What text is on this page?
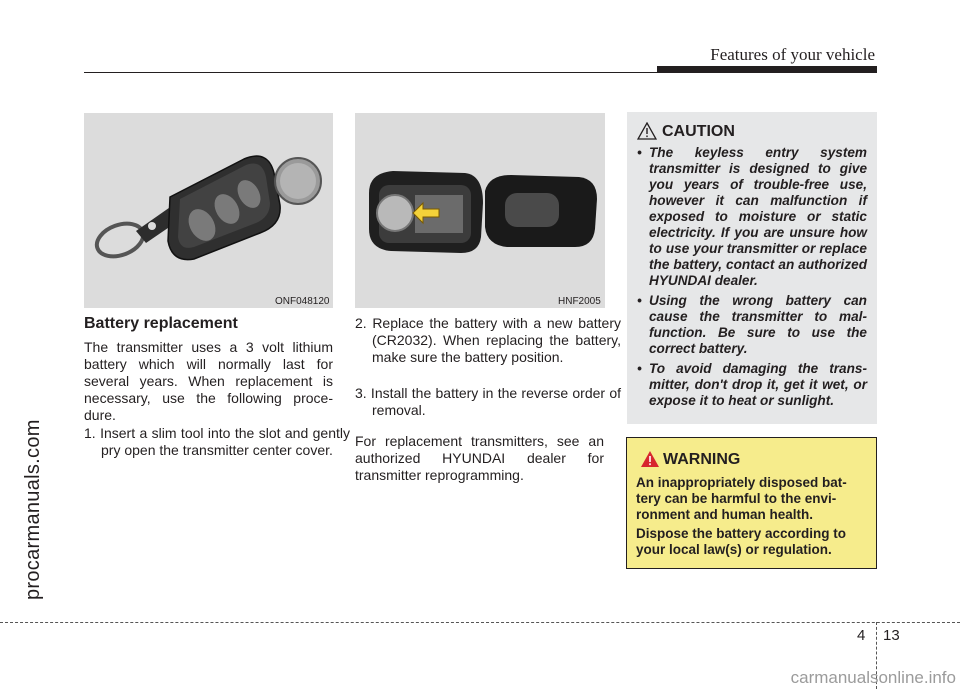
Features of your vehicle
procarmanuals.com
ONF048120	HNF2005
Battery replacement
The transmitter uses a 3 volt lithium battery which will normally last for several years. When replacement is necessary, use the following proce-dure.
1. Insert a slim tool into the slot and gently pry open the transmitter center cover.
2. Replace the battery with a new battery (CR2032). When replacing the battery, make sure the battery position.
3. Install the battery in the reverse order of removal.
For replacement transmitters, see an authorized HYUNDAI dealer for transmitter reprogramming.
CAUTION
• The keyless entry system transmitter is designed to give you years of trouble-free use, however it can malfunction if exposed to moisture or static electricity. If you are unsure how to use your transmitter or replace the battery, contact an authorized HYUNDAI dealer.
• Using the wrong battery can cause the transmitter to mal-function. Be sure to use the correct battery.
• To avoid damaging the trans-mitter, don't drop it, get it wet, or expose it to heat or sunlight.
WARNING
An inappropriately disposed bat-tery can be harmful to the envi-ronment and human health.
Dispose the battery according to your local law(s) or regulation.
4 13
carmanualsonline.info
